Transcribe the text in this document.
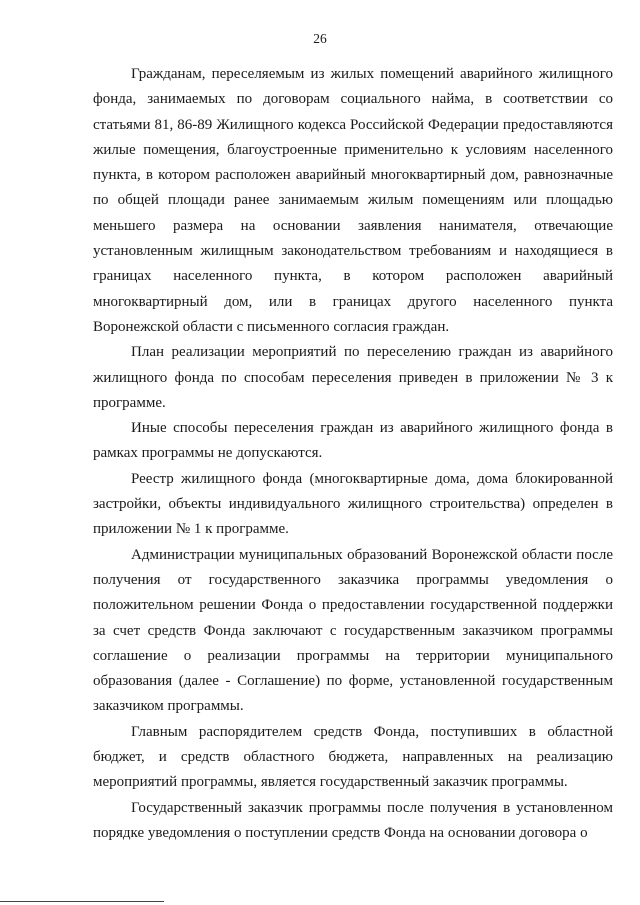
26

Гражданам, переселяемым из жилых помещений аварийного жилищного фонда, занимаемых по договорам социального найма, в соответствии со статьями 81, 86-89 Жилищного кодекса Российской Федерации предоставляются жилые помещения, благоустроенные применительно к условиям населенного пункта, в котором расположен аварийный многоквартирный дом, равнозначные по общей площади ранее занимаемым жилым помещениям или площадью меньшего размера на основании заявления нанимателя, отвечающие установленным жилищным законодательством требованиям и находящиеся в границах населенного пункта, в котором расположен аварийный многоквартирный дом, или в границах другого населенного пункта Воронежской области с письменного согласия граждан.

План реализации мероприятий по переселению граждан из аварийного жилищного фонда по способам переселения приведен в приложении № 3 к программе.

Иные способы переселения граждан из аварийного жилищного фонда в рамках программы не допускаются.

Реестр жилищного фонда (многоквартирные дома, дома блокированной застройки, объекты индивидуального жилищного строительства) определен в приложении № 1 к программе.

Администрации муниципальных образований Воронежской области после получения от государственного заказчика программы уведомления о положительном решении Фонда о предоставлении государственной поддержки за счет средств Фонда заключают с государственным заказчиком программы соглашение о реализации программы на территории муниципального образования (далее - Соглашение) по форме, установленной государственным заказчиком программы.

Главным распорядителем средств Фонда, поступивших в областной бюджет, и средств областного бюджета, направленных на реализацию мероприятий программы, является государственный заказчик программы.

Государственный заказчик программы после получения в установленном порядке уведомления о поступлении средств Фонда на основании договора о
